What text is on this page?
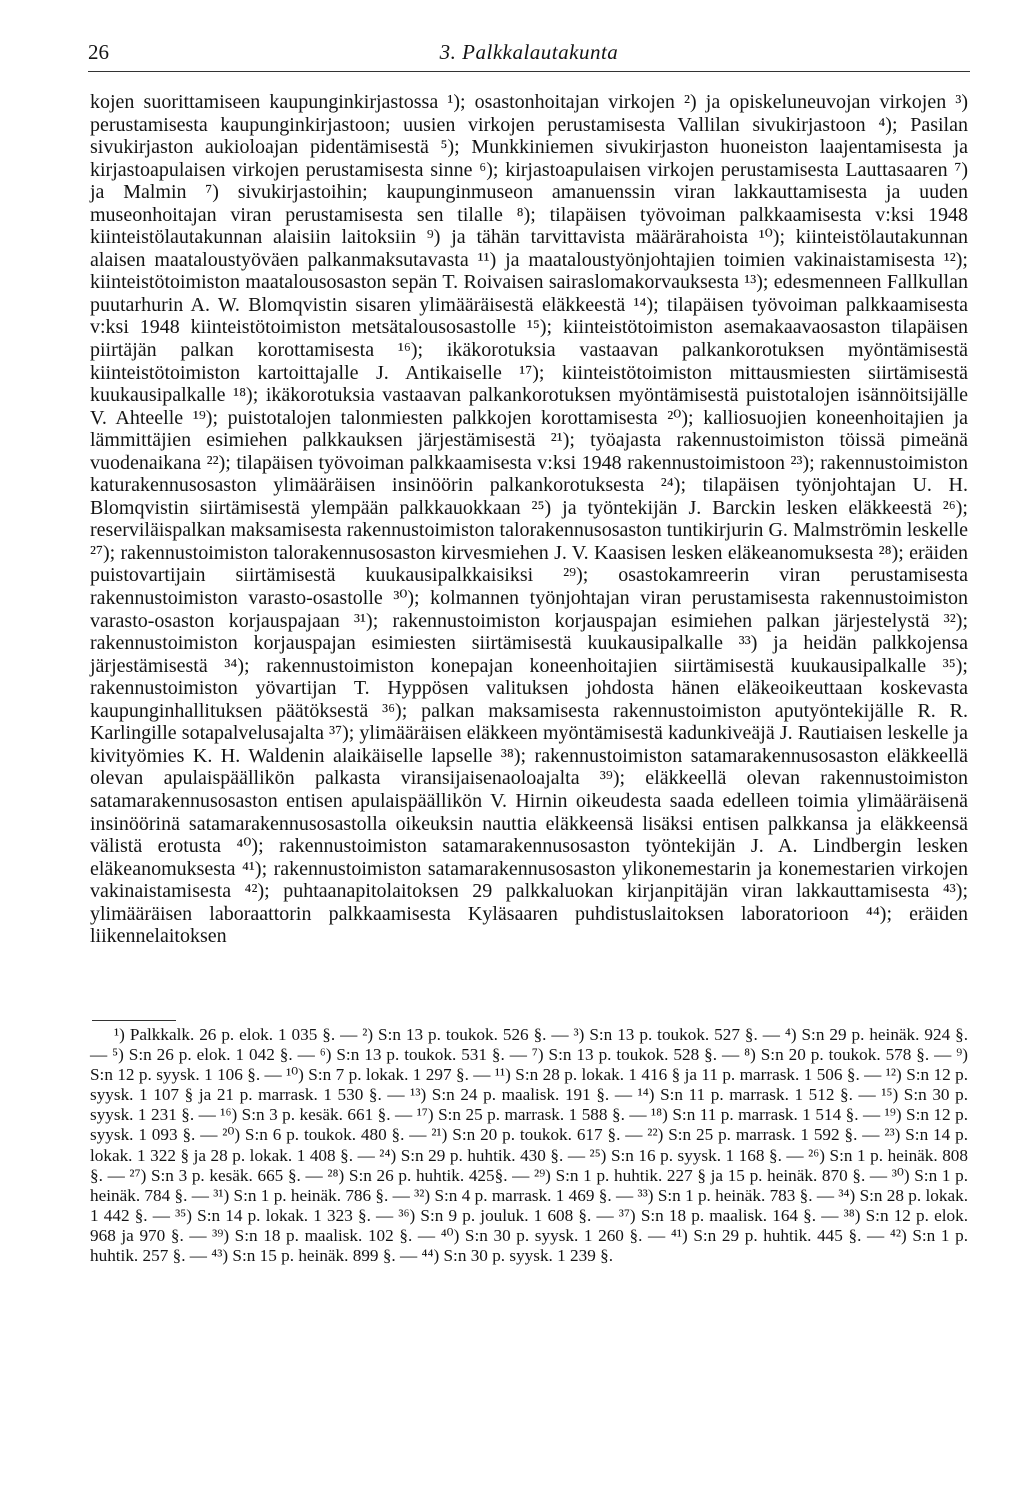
26	3. Palkkalautakunta

kojen suorittamiseen kaupunginkirjastossa ¹); osastonhoitajan virkojen ²) ja opiskeluneuvojan virkojen ³) perustamisesta kaupunginkirjastoon; uusien virkojen perustamisesta Vallilan sivukirjastoon ⁴); Pasilan sivukirjaston aukioloajan pidentämisestä ⁵); Munkkiniemen sivukirjaston huoneiston laajentamisesta ja kirjastoapulaisen virkojen perustamisesta sinne ⁶); kirjastoapulaisen virkojen perustamisesta Lauttasaaren ⁷) ja Malmin ⁷) sivukirjastoihin; kaupunginmuseon amanuenssin viran lakkauttamisesta ja uuden museonhoitajan viran perustamisesta sen tilalle ⁸); tilapäisen työvoiman palkkaamisesta v:ksi 1948 kiinteistölautakunnan alaisiin laitoksiin ⁹) ja tähän tarvittavista määrärahoista ¹⁰); kiinteistölautakunnan alaisen maataloustyöväen palkanmaksutavasta ¹¹) ja maataloustyönjohtajien toimien vakinaistamisesta ¹²); kiinteistötoimiston maatalousosaston sepän T. Roivaisen sairaslomakorvauksesta ¹³); edesmenneen Fallkullan puutarhurin A. W. Blomqvistin sisaren ylimääräisestä eläkkeestä ¹⁴); tilapäisen työvoiman palkkaamisesta v:ksi 1948 kiinteistötoimiston metsätalousosastolle ¹⁵); kiinteistötoimiston asemakaavaosaston tilapäisen piirtäjän palkan korottamisesta ¹⁶); ikäkorotuksia vastaavan palkankorotuksen myöntämisestä kiinteistötoimiston kartoittajalle J. Antikaiselle ¹⁷); kiinteistötoimiston mittausmiesten siirtämisestä kuukausipalkalle ¹⁸); ikäkorotuksia vastaavan palkankorotuksen myöntämisestä puistotalojen isännöitsijälle V. Ahteelle ¹⁹); puistotalojen talonmiesten palkkojen korottamisesta ²⁰); kalliosuojien koneenhoitajien ja lämmittäjien esimiehen palkkauksen järjestämisestä ²¹); työajasta rakennustoimiston töissä pimeänä vuodenaikana ²²); tilapäisen työvoiman palkkaamisesta v:ksi 1948 rakennustoimistoon ²³); rakennustoimiston katurakennusosaston ylimääräisen insinöörin palkankorotuksesta ²⁴); tilapäisen työnjohtajan U. H. Blomqvistin siirtämisestä ylempään palkkauokkaan ²⁵) ja työntekijän J. Barckin lesken eläkkeestä ²⁶); reserviläispalkan maksamisesta rakennustoimiston talorakennusosaston tuntikirjurin G. Malmströmin leskelle ²⁷); rakennustoimiston talorakennusosaston kirvesmiehen J. V. Kaasisen lesken eläkeanomuksesta ²⁸); eräiden puistovartijain siirtämisestä kuukausipalkkaisiksi ²⁹); osastokamreerin viran perustamisesta rakennustoimiston varasto-osastolle ³⁰); kolmannen työnjohtajan viran perustamisesta rakennustoimiston varasto-osaston korjauspajaan ³¹); rakennustoimiston korjauspajan esimiehen palkan järjestelystä ³²); rakennustoimiston korjauspajan esimiesten siirtämisestä kuukausipalkalle ³³) ja heidän palkkojensa järjestämisestä ³⁴); rakennustoimiston konepajan koneenhoitajien siirtämisestä kuukausipalkalle ³⁵); rakennustoimiston yövartijan T. Hyppösen valituksen johdosta hänen eläkeoikeuttaan koskevasta kaupunginhallituksen päätöksestä ³⁶); palkan maksamisesta rakennustoimiston aputyöntekijälle R. R. Karlingille sotapalvelusajalta ³⁷); ylimääräisen eläkkeen myöntämisestä kadunkiveäjä J. Rautiaisen leskelle ja kivityömies K. H. Waldenin alaikäiselle lapselle ³⁸); rakennustoimiston satamarakennusosaston eläkkeellä olevan apulaispäällikön palkasta viransijaisenaoloajalta ³⁹); eläkkeellä olevan rakennustoimiston satamarakennusosaston entisen apulaispäällikön V. Hirnin oikeudesta saada edelleen toimia ylimääräisenä insinöörinä satamarakennusosastolla oikeuksin nauttia eläkkeensä lisäksi entisen palkkansa ja eläkkeensä välistä erotusta ⁴⁰); rakennustoimiston satamarakennusosaston työntekijän J. A. Lindbergin lesken eläkeanomuksesta ⁴¹); rakennustoimiston satamarakennusosaston ylikonemestarin ja konemestarien virkojen vakinaistamisesta ⁴²); puhtaanapitolaitoksen 29 palkkaluokan kirjanpitäjän viran lakkauttamisesta ⁴³); ylimääräisen laboraattorin palkkaamisesta Kyläsaaren puhdistuslaitoksen laboratorioon ⁴⁴); eräiden liikennelaitoksen

¹) Palkkalk. 26 p. elok. 1 035 §. — ²) S:n 13 p. toukok. 526 §. — ³) S:n 13 p. toukok. 527 §. — ⁴) S:n 29 p. heinäk. 924 §. — ⁵) S:n 26 p. elok. 1 042 §. — ⁶) S:n 13 p. toukok. 531 §. — ⁷) S:n 13 p. toukok. 528 §. — ⁸) S:n 20 p. toukok. 578 §. — ⁹) S:n 12 p. syysk. 1 106 §. — ¹⁰) S:n 7 p. lokak. 1 297 §. — ¹¹) S:n 28 p. lokak. 1 416 § ja 11 p. marrask. 1 506 §. — ¹²) S:n 12 p. syysk. 1 107 § ja 21 p. marrask. 1 530 §. — ¹³) S:n 24 p. maalisk. 191 §. — ¹⁴) S:n 11 p. marrask. 1 512 §. — ¹⁵) S:n 30 p. syysk. 1 231 §. — ¹⁶) S:n 3 p. kesäk. 661 §. — ¹⁷) S:n 25 p. marrask. 1 588 §. — ¹⁸) S:n 11 p. marrask. 1 514 §. — ¹⁹) S:n 12 p. syysk. 1 093 §. — ²⁰) S:n 6 p. toukok. 480 §. — ²¹) S:n 20 p. toukok. 617 §. — ²²) S:n 25 p. marrask. 1 592 §. — ²³) S:n 14 p. lokak. 1 322 § ja 28 p. lokak. 1 408 §. — ²⁴) S:n 29 p. huhtik. 430 §. — ²⁵) S:n 16 p. syysk. 1 168 §. — ²⁶) S:n 1 p. heinäk. 808 §. — ²⁷) S:n 3 p. kesäk. 665 §. — ²⁸) S:n 26 p. huhtik. 425§. — ²⁹) S:n 1 p. huhtik. 227 § ja 15 p. heinäk. 870 §. — ³⁰) S:n 1 p. heinäk. 784 §. — ³¹) S:n 1 p. heinäk. 786 §. — ³²) S:n 4 p. marrask. 1 469 §. — ³³) S:n 1 p. heinäk. 783 §. — ³⁴) S:n 28 p. lokak. 1 442 §. — ³⁵) S:n 14 p. lokak. 1 323 §. — ³⁶) S:n 9 p. jouluk. 1 608 §. — ³⁷) S:n 18 p. maalisk. 164 §. — ³⁸) S:n 12 p. elok. 968 ja 970 §. — ³⁹) S:n 18 p. maalisk. 102 §. — ⁴⁰) S:n 30 p. syysk. 1 260 §. — ⁴¹) S:n 29 p. huhtik. 445 §. — ⁴²) S:n 1 p. huhtik. 257 §. — ⁴³) S:n 15 p. heinäk. 899 §. — ⁴⁴) S:n 30 p. syysk. 1 239 §.
